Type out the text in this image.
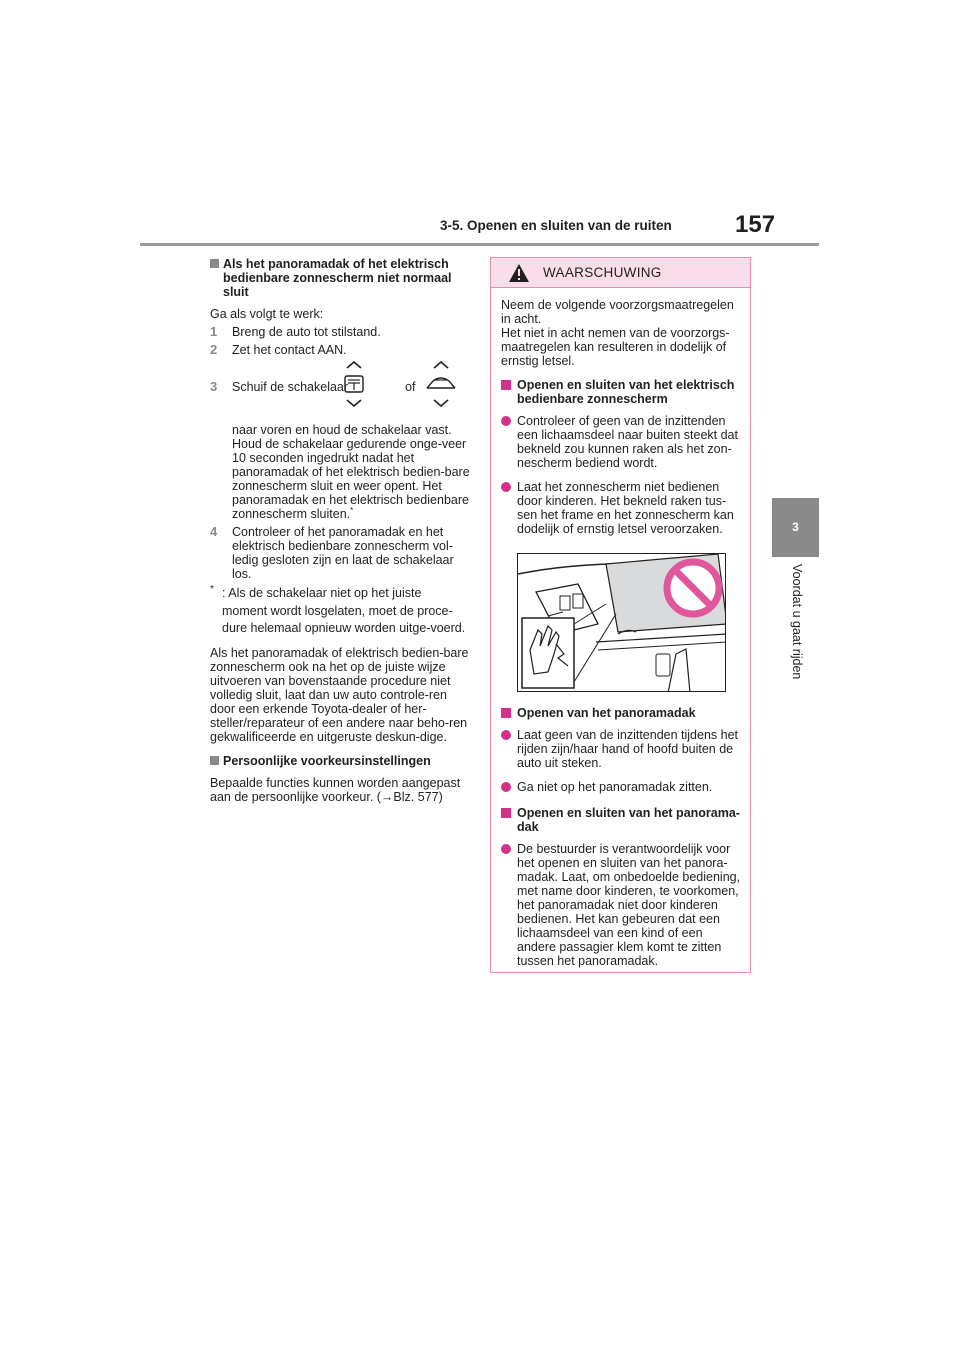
3-5. Openen en sluiten van de ruiten	157
3
Voordat u gaat rijden
Als het panoramadak of het elektrisch bedienbare zonnescherm niet normaal sluit
Ga als volgt te werk:
1 Breng de auto tot stilstand.
2 Zet het contact AAN.
3 Schuif de schakelaar	of
naar voren en houd de schakelaar vast. Houd de schakelaar gedurende onge-veer 10 seconden ingedrukt nadat het panoramadak of het elektrisch bedien-bare zonnescherm sluit en weer opent. Het panoramadak en het elektrisch bedienbare zonnescherm sluiten.*
4 Controleer of het panoramadak en het elektrisch bedienbare zonnescherm vol-ledig gesloten zijn en laat de schakelaar los.
* : Als de schakelaar niet op het juiste moment wordt losgelaten, moet de proce-dure helemaal opnieuw worden uitge-voerd.
Als het panoramadak of elektrisch bedien-bare zonnescherm ook na het op de juiste wijze uitvoeren van bovenstaande procedure niet volledig sluit, laat dan uw auto controle-ren door een erkende Toyota-dealer of her-steller/reparateur of een andere naar beho-ren gekwalificeerde en uitgeruste deskun-dige.
Persoonlijke voorkeursinstellingen
Bepaalde functies kunnen worden aangepast aan de persoonlijke voorkeur. (→Blz. 577)
WAARSCHUWING
Neem de volgende voorzorgsmaatregelen in acht.
Het niet in acht nemen van de voorzorgs-maatregelen kan resulteren in dodelijk of ernstig letsel.
Openen en sluiten van het elektrisch bedienbare zonnescherm
Controleer of geen van de inzittenden een lichaamsdeel naar buiten steekt dat bekneld zou kunnen raken als het zon-nescherm bediend wordt.
Laat het zonnescherm niet bedienen door kinderen. Het bekneld raken tus-sen het frame en het zonnescherm kan dodelijk of ernstig letsel veroorzaken.
Openen van het panoramadak
Laat geen van de inzittenden tijdens het rijden zijn/haar hand of hoofd buiten de auto uit steken.
Ga niet op het panoramadak zitten.
Openen en sluiten van het panorama-dak
De bestuurder is verantwoordelijk voor het openen en sluiten van het panora-madak. Laat, om onbedoelde bediening, met name door kinderen, te voorkomen, het panoramadak niet door kinderen bedienen. Het kan gebeuren dat een lichaamsdeel van een kind of een andere passagier klem komt te zitten tussen het panoramadak.
